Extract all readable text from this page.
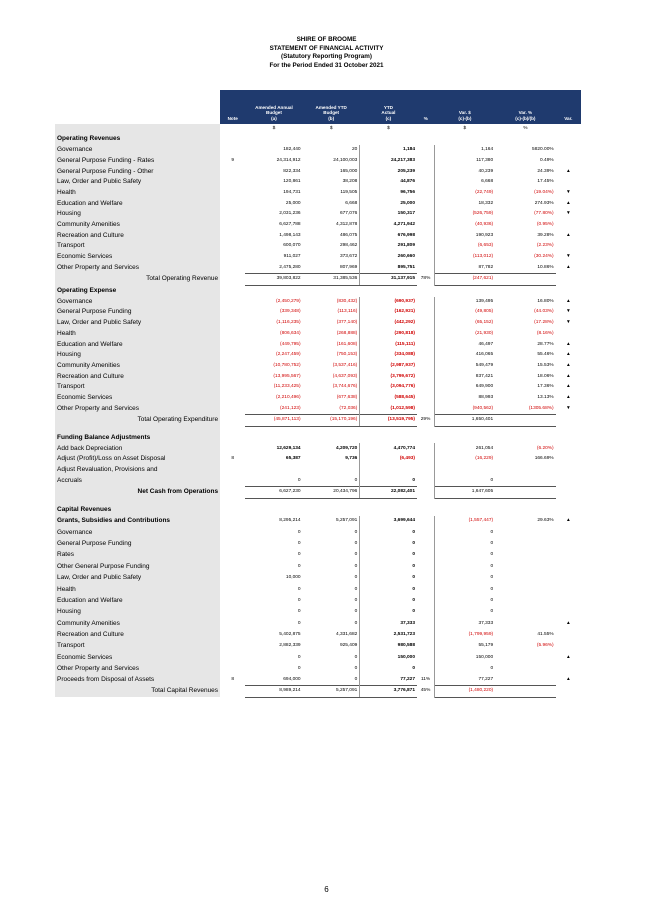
SHIRE OF BROOME
STATEMENT OF FINANCIAL ACTIVITY
(Statutory Reporting Program)
For the Period Ended 31 October 2021
	Note	Amended Annual
Budget
(a)	Amended YTD
Budget
(b)	YTD
Actual
(c)	%	Var. $
(c)-(b)	Var. %
(c)-(b)/(b)	Var.
		$	$	$		$	%	
Operating Revenues								
Governance		182,440	20	1,184		1,164	5820.00%	
General Purpose Funding - Rates	9	24,314,912	24,100,003	24,217,383		117,380	0.49%	
General Purpose Funding - Other		822,334	165,000	205,239		40,239	24.39%	▲
Law, Order and Public Safety		120,861	38,208	44,876		6,668	17.45%	
Health		194,731	119,505	96,756		(22,749)	(19.04%)	▼
Education and Welfare		25,000	6,668	25,000		18,332	274.93%	▲
Housing		2,031,236	677,076	150,317		(526,759)	(77.80%)	▼
Community Amenities		6,627,788	4,312,878	4,271,942		(40,936)	(0.95%)	
Recreation and Culture		1,498,143	486,075	676,998		190,923	39.28%	▲
Transport		600,070	298,462	291,809		(6,653)	(2.23%)	
Economic Services		911,027	373,672	260,660		(113,012)	(30.24%)	▼
Other Property and Services		2,475,280	807,969	895,751		87,782	10.86%	▲
Total Operating Revenue		39,803,822	31,385,536	31,137,915	78%	(247,621)		
Operating Expense								
Governance		(2,450,279)	(830,432)	(690,937)		139,495	16.80%	▲
General Purpose Funding		(339,348)	(113,116)	(162,921)		(49,805)	(44.03%)	▼
Law, Order and Public Safety		(1,116,235)	(377,140)	(442,292)		(65,152)	(17.28%)	▼
Health		(806,634)	(268,888)	(290,818)		(21,930)	(8.16%)	
Education and Welfare		(449,795)	(161,608)	(115,111)		46,497	28.77%	▲
Housing		(2,247,459)	(750,153)	(334,088)		416,065	55.46%	▲
Community Amenities		(10,780,752)	(3,537,416)	(2,987,937)		549,479	15.53%	▲
Recreation and Culture		(13,995,567)	(4,637,093)	(3,799,672)		837,421	18.06%	▲
Transport		(11,233,425)	(3,744,676)	(3,094,776)		649,900	17.36%	▲
Economic Services		(2,210,496)	(677,638)	(588,645)		88,993	13.13%	▲
Other Property and Services		(241,123)	(72,036)	(1,012,598)		(940,562)	(1305.68%)	▼
Total Operating Expenditure		(45,871,113)	(15,170,196)	(13,519,795)	29%	1,650,401		

Funding Balance Adjustments								
Add back Depreciation		12,629,134	4,209,720	4,470,774		261,054	(6.20%)	
Adjust (Profit)/Loss on Asset Disposal	8	65,387	9,736	(6,493)		(16,229)	166.69%	
Adjust Revaluation, Provisions and								
Accruals		0	0	0		0		
Net Cash from Operations		6,627,230	20,434,796	22,082,401		1,647,605		

Capital Revenues								
Grants, Subsidies and Contributions		8,295,214	5,257,091	3,699,644		(1,557,447)	29.63%	▲
Governance		0	0	0		0		
General Purpose Funding		0	0	0		0		
Rates		0	0	0		0		
Other General Purpose Funding		0	0	0		0		
Law, Order and Public Safety		10,000	0	0		0		
Health		0	0	0		0		
Education and Welfare		0	0	0		0		
Housing		0	0	0		0		
Community Amenities		0	0	37,333		37,333		▲
Recreation and Culture		5,402,875	4,331,682	2,531,723		(1,799,959)	41.55%	
Transport		2,882,339	925,409	980,588		55,179	(5.96%)	
Economic Services		0	0	150,000		150,000		▲
Other Property and Services		0	0	0		0		
Proceeds from Disposal of Assets	8	694,000	0	77,227	11%	77,227		▲
Total Capital Revenues		8,989,214	5,257,091	3,776,871	45%	(1,480,220)		
6
